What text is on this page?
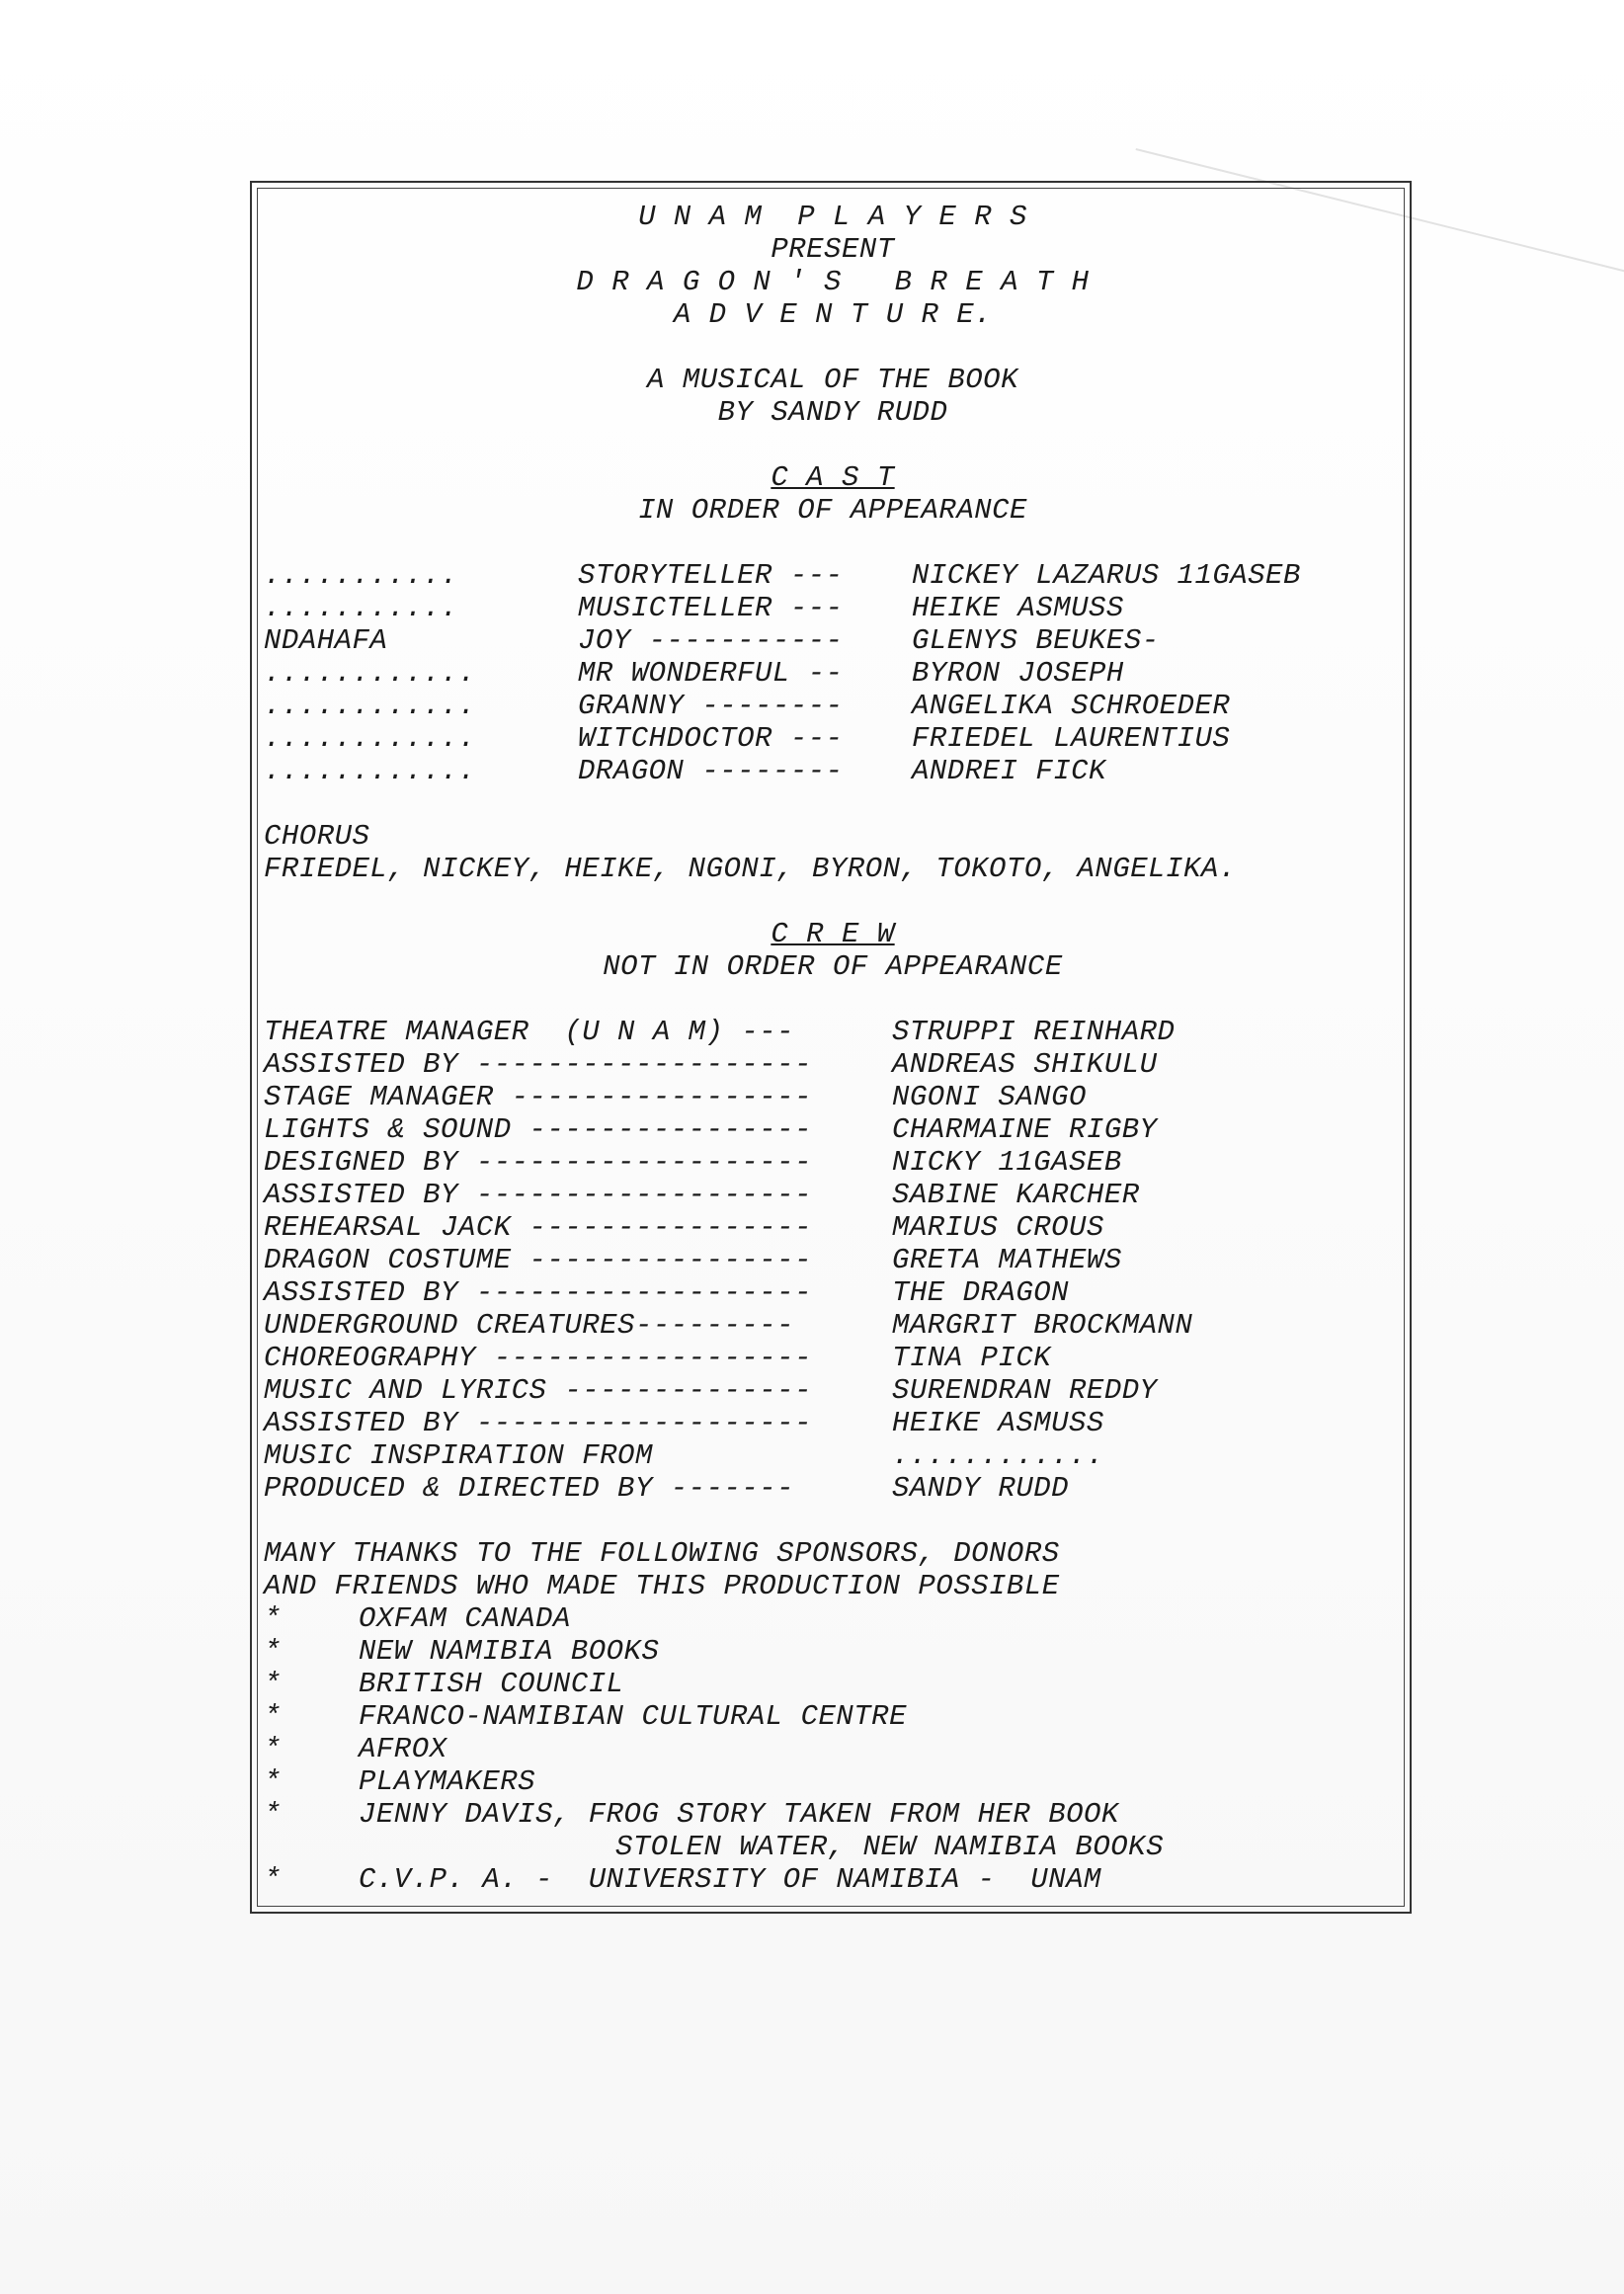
U N A M  P L A Y E R S
PRESENT
D R A G O N ' S   B R E A T H
A D V E N T U R E.
A MUSICAL OF THE BOOK
BY SANDY RUDD
C A S T
IN ORDER OF APPEARANCE
...........	STORYTELLER --- NICKEY LAZARUS 11GASEB
...........	MUSICTELLER --- HEIKE ASMUSS
NDAHAFA	JOY ----------- GLENYS BEUKES-
............	MR WONDERFUL -- BYRON JOSEPH
............	GRANNY -------- ANGELIKA SCHROEDER
............	WITCHDOCTOR --- FRIEDEL LAURENTIUS
............	DRAGON -------- ANDREI FICK
CHORUS
FRIEDEL, NICKEY, HEIKE, NGONI, BYRON, TOKOTO, ANGELIKA.
C R E W
NOT IN ORDER OF APPEARANCE
THEATRE MANAGER  (U N A M) ---	STRUPPI REINHARD
ASSISTED BY -------------------	ANDREAS SHIKULU
STAGE MANAGER -----------------	NGONI SANGO
LIGHTS & SOUND ----------------	CHARMAINE RIGBY
DESIGNED BY -------------------	NICKY 11GASEB
ASSISTED BY -------------------	SABINE KARCHER
REHEARSAL JACK ----------------	MARIUS CROUS
DRAGON COSTUME ----------------	GRETA MATHEWS
ASSISTED BY -------------------	THE DRAGON
UNDERGROUND CREATURES---------	MARGRIT BROCKMANN
CHOREOGRAPHY ------------------	TINA PICK
MUSIC AND LYRICS --------------	SURENDRAN REDDY
ASSISTED BY -------------------	HEIKE ASMUSS
MUSIC INSPIRATION FROM	............
PRODUCED & DIRECTED BY -------	SANDY RUDD
MANY THANKS TO THE FOLLOWING SPONSORS, DONORS
AND FRIENDS WHO MADE THIS PRODUCTION POSSIBLE
*	OXFAM CANADA
*	NEW NAMIBIA BOOKS
*	BRITISH COUNCIL
*	FRANCO-NAMIBIAN CULTURAL CENTRE
*	AFROX
*	PLAYMAKERS
*	JENNY DAVIS, FROG STORY TAKEN FROM HER BOOK
STOLEN WATER, NEW NAMIBIA BOOKS
*	C.V.P. A. -  UNIVERSITY OF NAMIBIA -  UNAM
